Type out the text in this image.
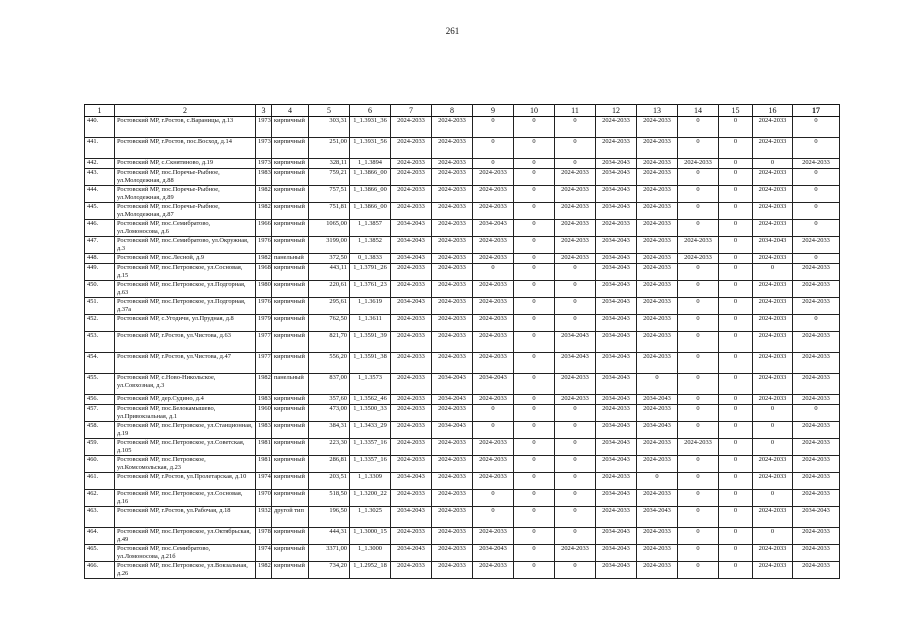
261
1	2	3	4	5	6	7	8	9	10	11	12	13	14	15	16	17
440.	Ростовский МР, г.Ростов, с.Вараницы, д.13	1973	кирпичный	303,31	1_1.3931_36	2024-2033	2024-2033	0	0	0	2024-2033	2024-2033	0	0	2024-2033	0
441.	Ростовский МР, г.Ростов, пос.Восход, д.14	1973	кирпичный	251,00	1_1.3931_56	2024-2033	2024-2033	0	0	0	2024-2033	2024-2033	0	0	2024-2033	0
442.	Ростовский МР, с.Скнятиново, д.19	1973	кирпичный	328,11	1_1.3894	2024-2033	2024-2033	0	0	0	2034-2043	2024-2033	2024-2033	0	0	2024-2033
443.	Ростовский МР, пос.Поречье-Рыбное, ул.Молодежная, д.88	1983	кирпичный	759,21	1_1.3866_00	2024-2033	2024-2033	2024-2033	0	2024-2033	2034-2043	2024-2033	0	0	2024-2033	0
444.	Ростовский МР, пос.Поречье-Рыбное, ул.Молодежная, д.89	1982	кирпичный	757,51	1_1.3866_00	2024-2033	2024-2033	2024-2033	0	2024-2033	2034-2043	2024-2033	0	0	2024-2033	0
445.	Ростовский МР, пос.Поречье-Рыбное, ул.Молодежная, д.87	1982	кирпичный	751,81	1_1.3866_00	2024-2033	2024-2033	2024-2033	0	2024-2033	2034-2043	2024-2033	0	0	2024-2033	0
446.	Ростовский МР, пос.Семибратово, ул.Ломоносова, д.6	1966	кирпичный	1065,00	1_1.3857	2034-2043	2024-2033	2034-2043	0	2024-2033	2024-2033	2024-2033	0	0	2024-2033	0
447.	Ростовский МР, пос.Семибратово, ул.Окружная, д.3	1976	кирпичный	3199,00	1_1.3852	2034-2043	2024-2033	2024-2033	0	2024-2033	2034-2043	2024-2033	2024-2033	0	2034-2043	2024-2033
448.	Ростовский МР, пос.Лесной, д.9	1982	панельный	372,50	0_1.3833	2034-2043	2024-2033	2024-2033	0	2024-2033	2034-2043	2024-2033	2024-2033	0	2024-2033	0
449.	Ростовский МР, пос.Петровское, ул.Сосновая, д.15	1968	кирпичный	443,11	1_1.3791_26	2024-2033	2024-2033	0	0	0	2034-2043	2024-2033	0	0	0	2024-2033
450.	Ростовский МР, пос.Петровское, ул.Подгорная, д.63	1980	кирпичный	220,61	1_1.3761_23	2024-2033	2024-2033	2024-2033	0	0	2034-2043	2024-2033	0	0	2024-2033	2024-2033
451.	Ростовский МР, пос.Петровское, ул.Подгорная, д.37а	1976	кирпичный	295,61	1_1.3619	2034-2043	2024-2033	2024-2033	0	0	2034-2043	2024-2033	0	0	2024-2033	2024-2033
452.	Ростовский МР, с.Угодичи, ул.Прудная, д.8	1979	кирпичный	762,50	1_1.3611	2024-2033	2024-2033	2024-2033	0	0	2034-2043	2024-2033	0	0	2024-2033	0
453.	Ростовский МР, г.Ростов, ул.Чистова, д.63	1977	кирпичный	821,70	1_1.3591_39	2024-2033	2024-2033	2024-2033	0	2034-2043	2034-2043	2024-2033	0	0	2024-2033	2024-2033
454.	Ростовский МР, г.Ростов, ул.Чистова, д.47	1977	кирпичный	556,20	1_1.3591_38	2024-2033	2024-2033	2024-2033	0	2034-2043	2034-2043	2024-2033	0	0	2024-2033	2024-2033
455.	Ростовский МР, с.Ново-Никольское, ул.Совхозная, д.3	1982	панельный	837,00	1_1.3573	2024-2033	2034-2043	2034-2043	0	2024-2033	2034-2043	0	0	0	2024-2033	2024-2033
456.	Ростовский МР, дер.Судино, д.4	1983	кирпичный	357,60	1_1.3562_46	2024-2033	2034-2043	2024-2033	0	2024-2033	2034-2043	2034-2043	0	0	2024-2033	2024-2033
457.	Ростовский МР, пос.Белокамышево, ул.Привокзальная, д.1	1960	кирпичный	473,00	1_1.3500_33	2024-2033	2024-2033	0	0	0	2024-2033	2024-2033	0	0	0	0
458.	Ростовский МР, пос.Петровское, ул.Станционная, д.19	1983	кирпичный	384,31	1_1.3433_29	2024-2033	2034-2043	0	0	0	2034-2043	2034-2043	0	0	0	2024-2033
459.	Ростовский МР, пос.Петровское, ул.Советская, д.105	1981	кирпичный	223,30	1_1.3357_16	2024-2033	2024-2033	2024-2033	0	0	2034-2043	2024-2033	2024-2033	0	0	2024-2033
460.	Ростовский МР, пос.Петровское, ул.Комсомольская, д.23	1981	кирпичный	286,81	1_1.3357_16	2024-2033	2024-2033	2024-2033	0	0	2034-2043	2024-2033	0	0	2024-2033	2024-2033
461.	Ростовский МР, г.Ростов, ул.Пролетарская, д.10	1974	кирпичный	203,51	1_1.3309	2034-2043	2024-2033	2024-2033	0	0	2024-2033	0	0	0	2024-2033	2024-2033
462.	Ростовский МР, пос.Петровское, ул.Сосновая, д.16	1970	кирпичный	518,50	1_1.3200_22	2024-2033	2024-2033	0	0	0	2034-2043	2024-2033	0	0	0	2024-2033
463.	Ростовский МР, г.Ростов, ул.Рабочая, д.18	1932	другой тип	196,50	1_1.3025	2034-2043	2024-2033	0	0	0	2024-2033	2034-2043	0	0	2024-2033	2034-2043
464.	Ростовский МР, пос.Петровское, ул.Октябрьская, д.49	1978	кирпичный	444,31	1_1.3000_15	2024-2033	2024-2033	2024-2033	0	0	2034-2043	2024-2033	0	0	0	2024-2033
465.	Ростовский МР, пос.Семибратово, ул.Ломоносова, д.21б	1974	кирпичный	3371,00	1_1.3000	2034-2043	2024-2033	2034-2043	0	2024-2033	2034-2043	2024-2033	0	0	2024-2033	2024-2033
466.	Ростовский МР, пос.Петровское, ул.Вокзальная, д.26	1982	кирпичный	734,20	1_1.2952_18	2024-2033	2024-2033	2024-2033	0	0	2034-2043	2024-2033	0	0	2024-2033	2024-2033
